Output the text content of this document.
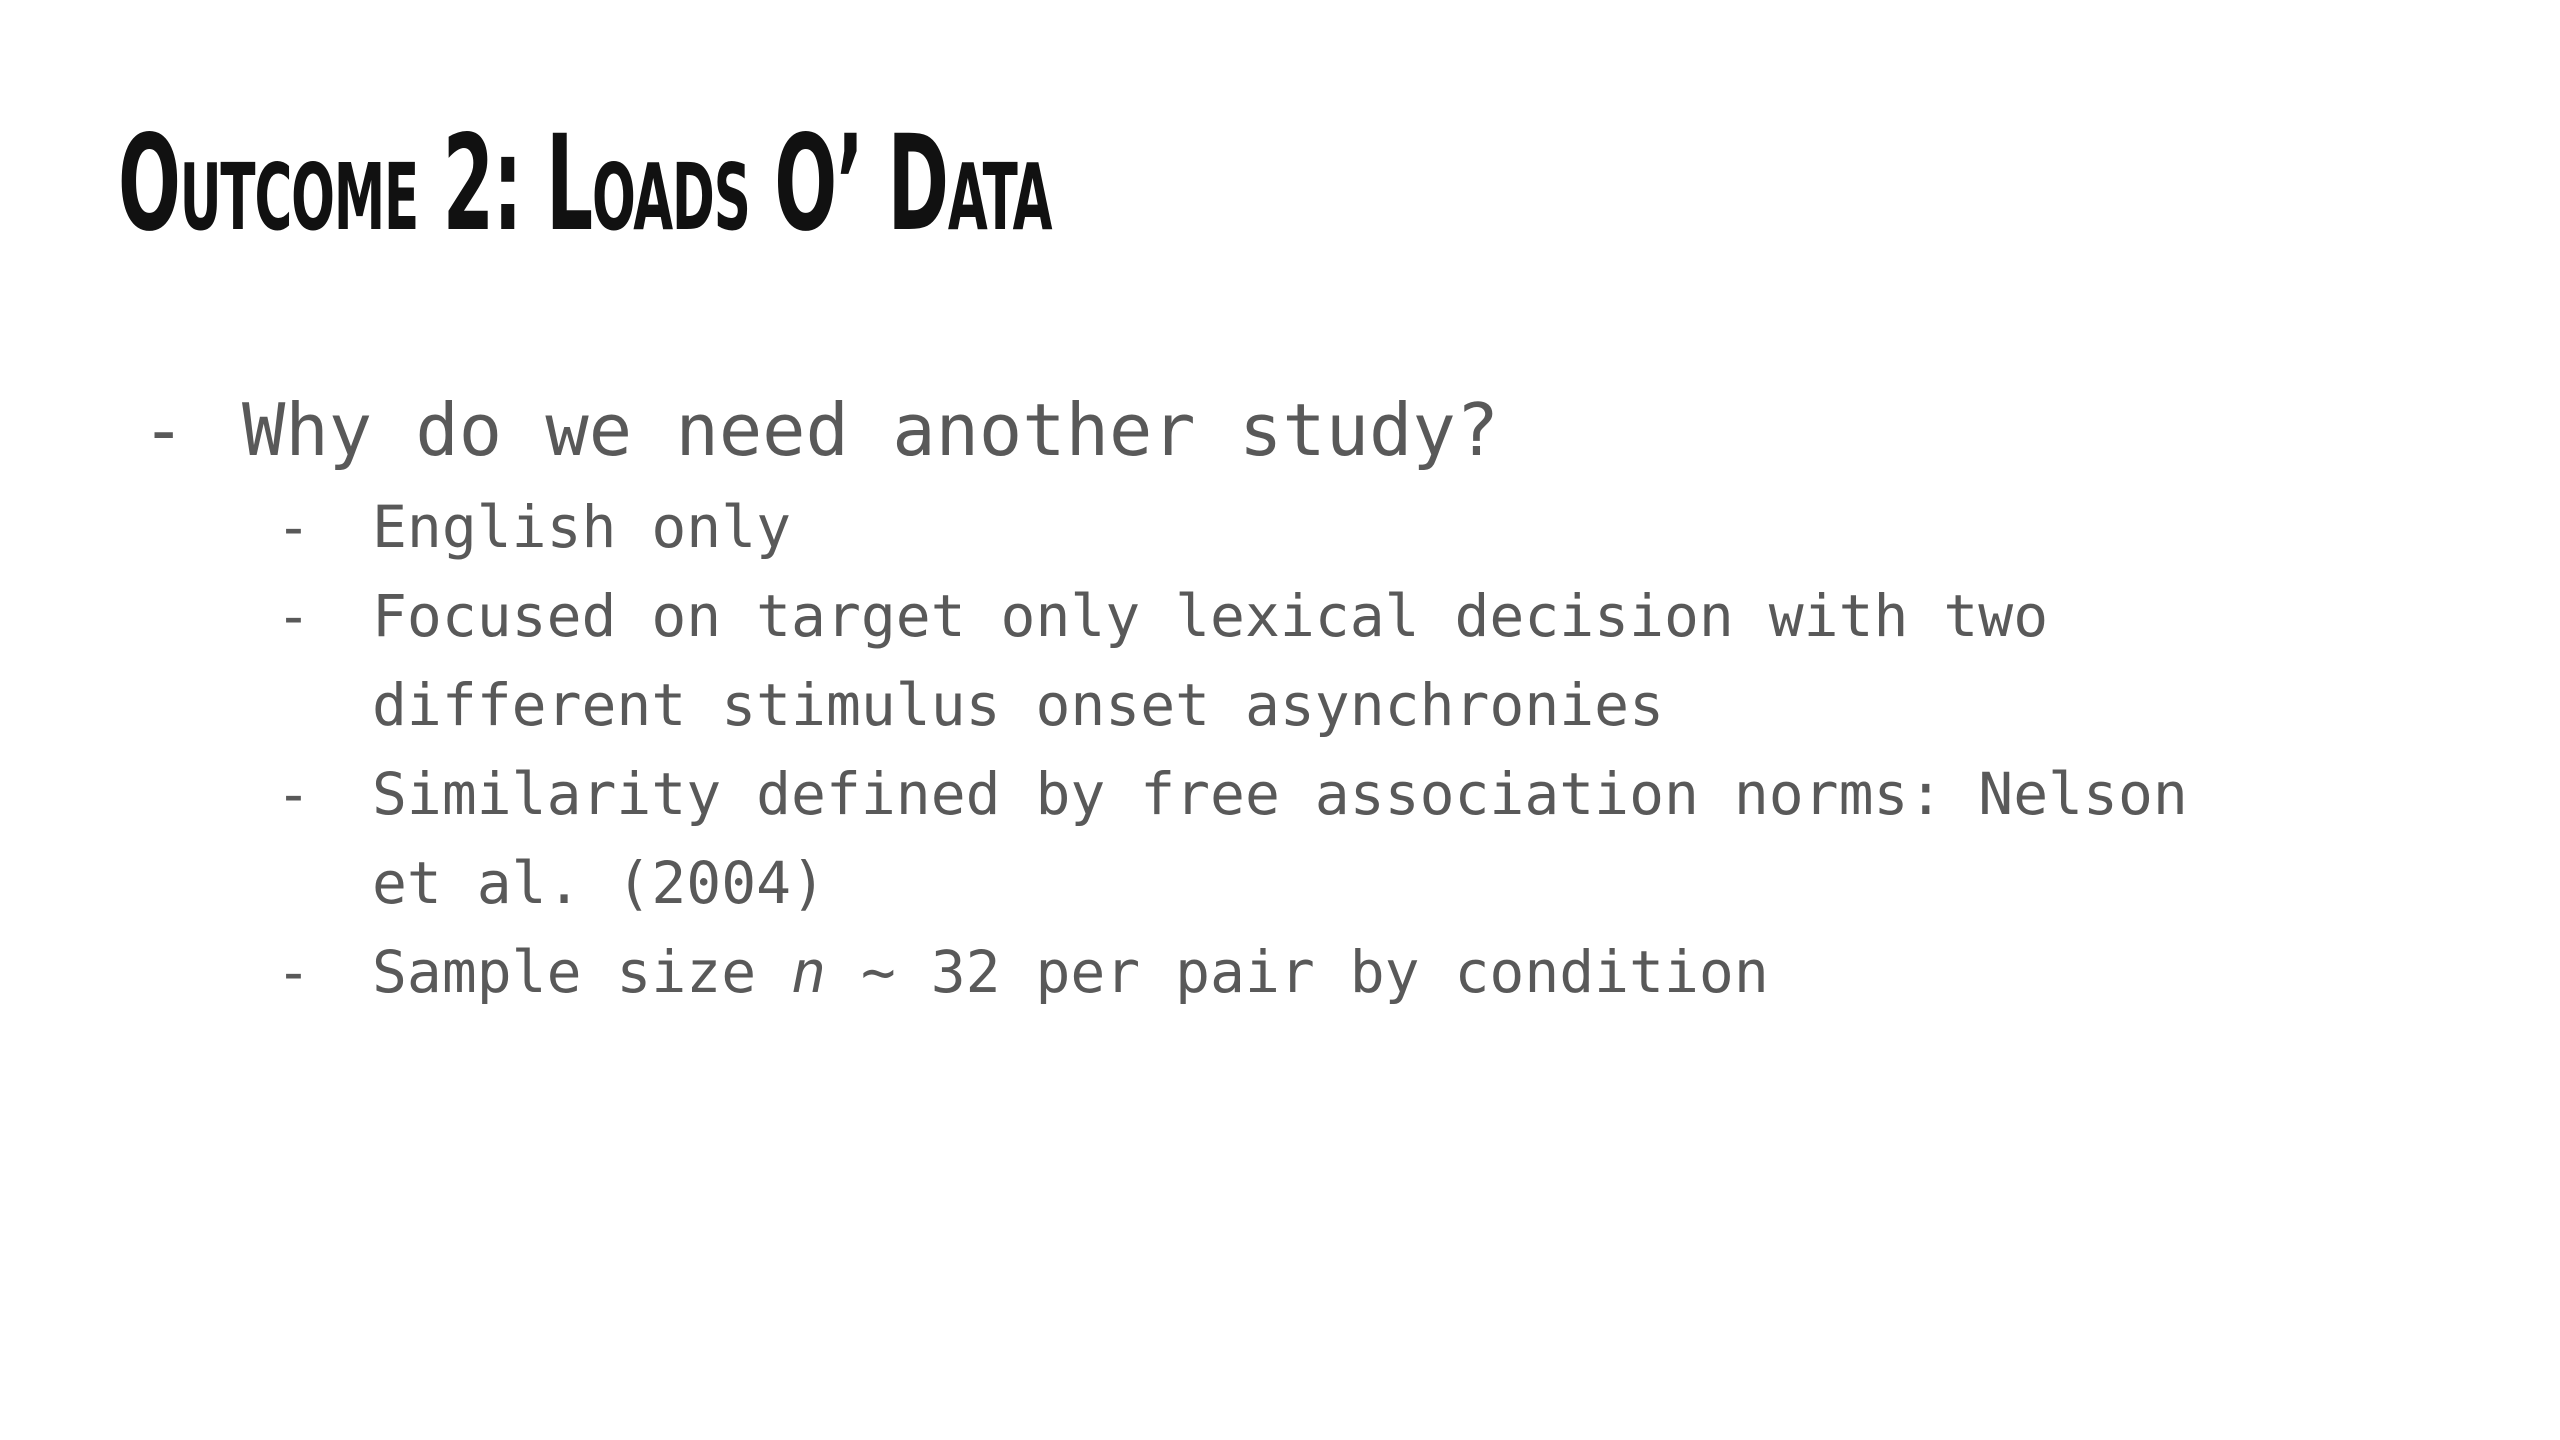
Outcome 2: Loads O’ Data
- Why do we need another study?
- English only
- Focused on target only lexical decision with two
different stimulus onset asynchronies
- Similarity defined by free association norms: Nelson
et al. (2004)
- Sample size n ~ 32 per pair by condition
